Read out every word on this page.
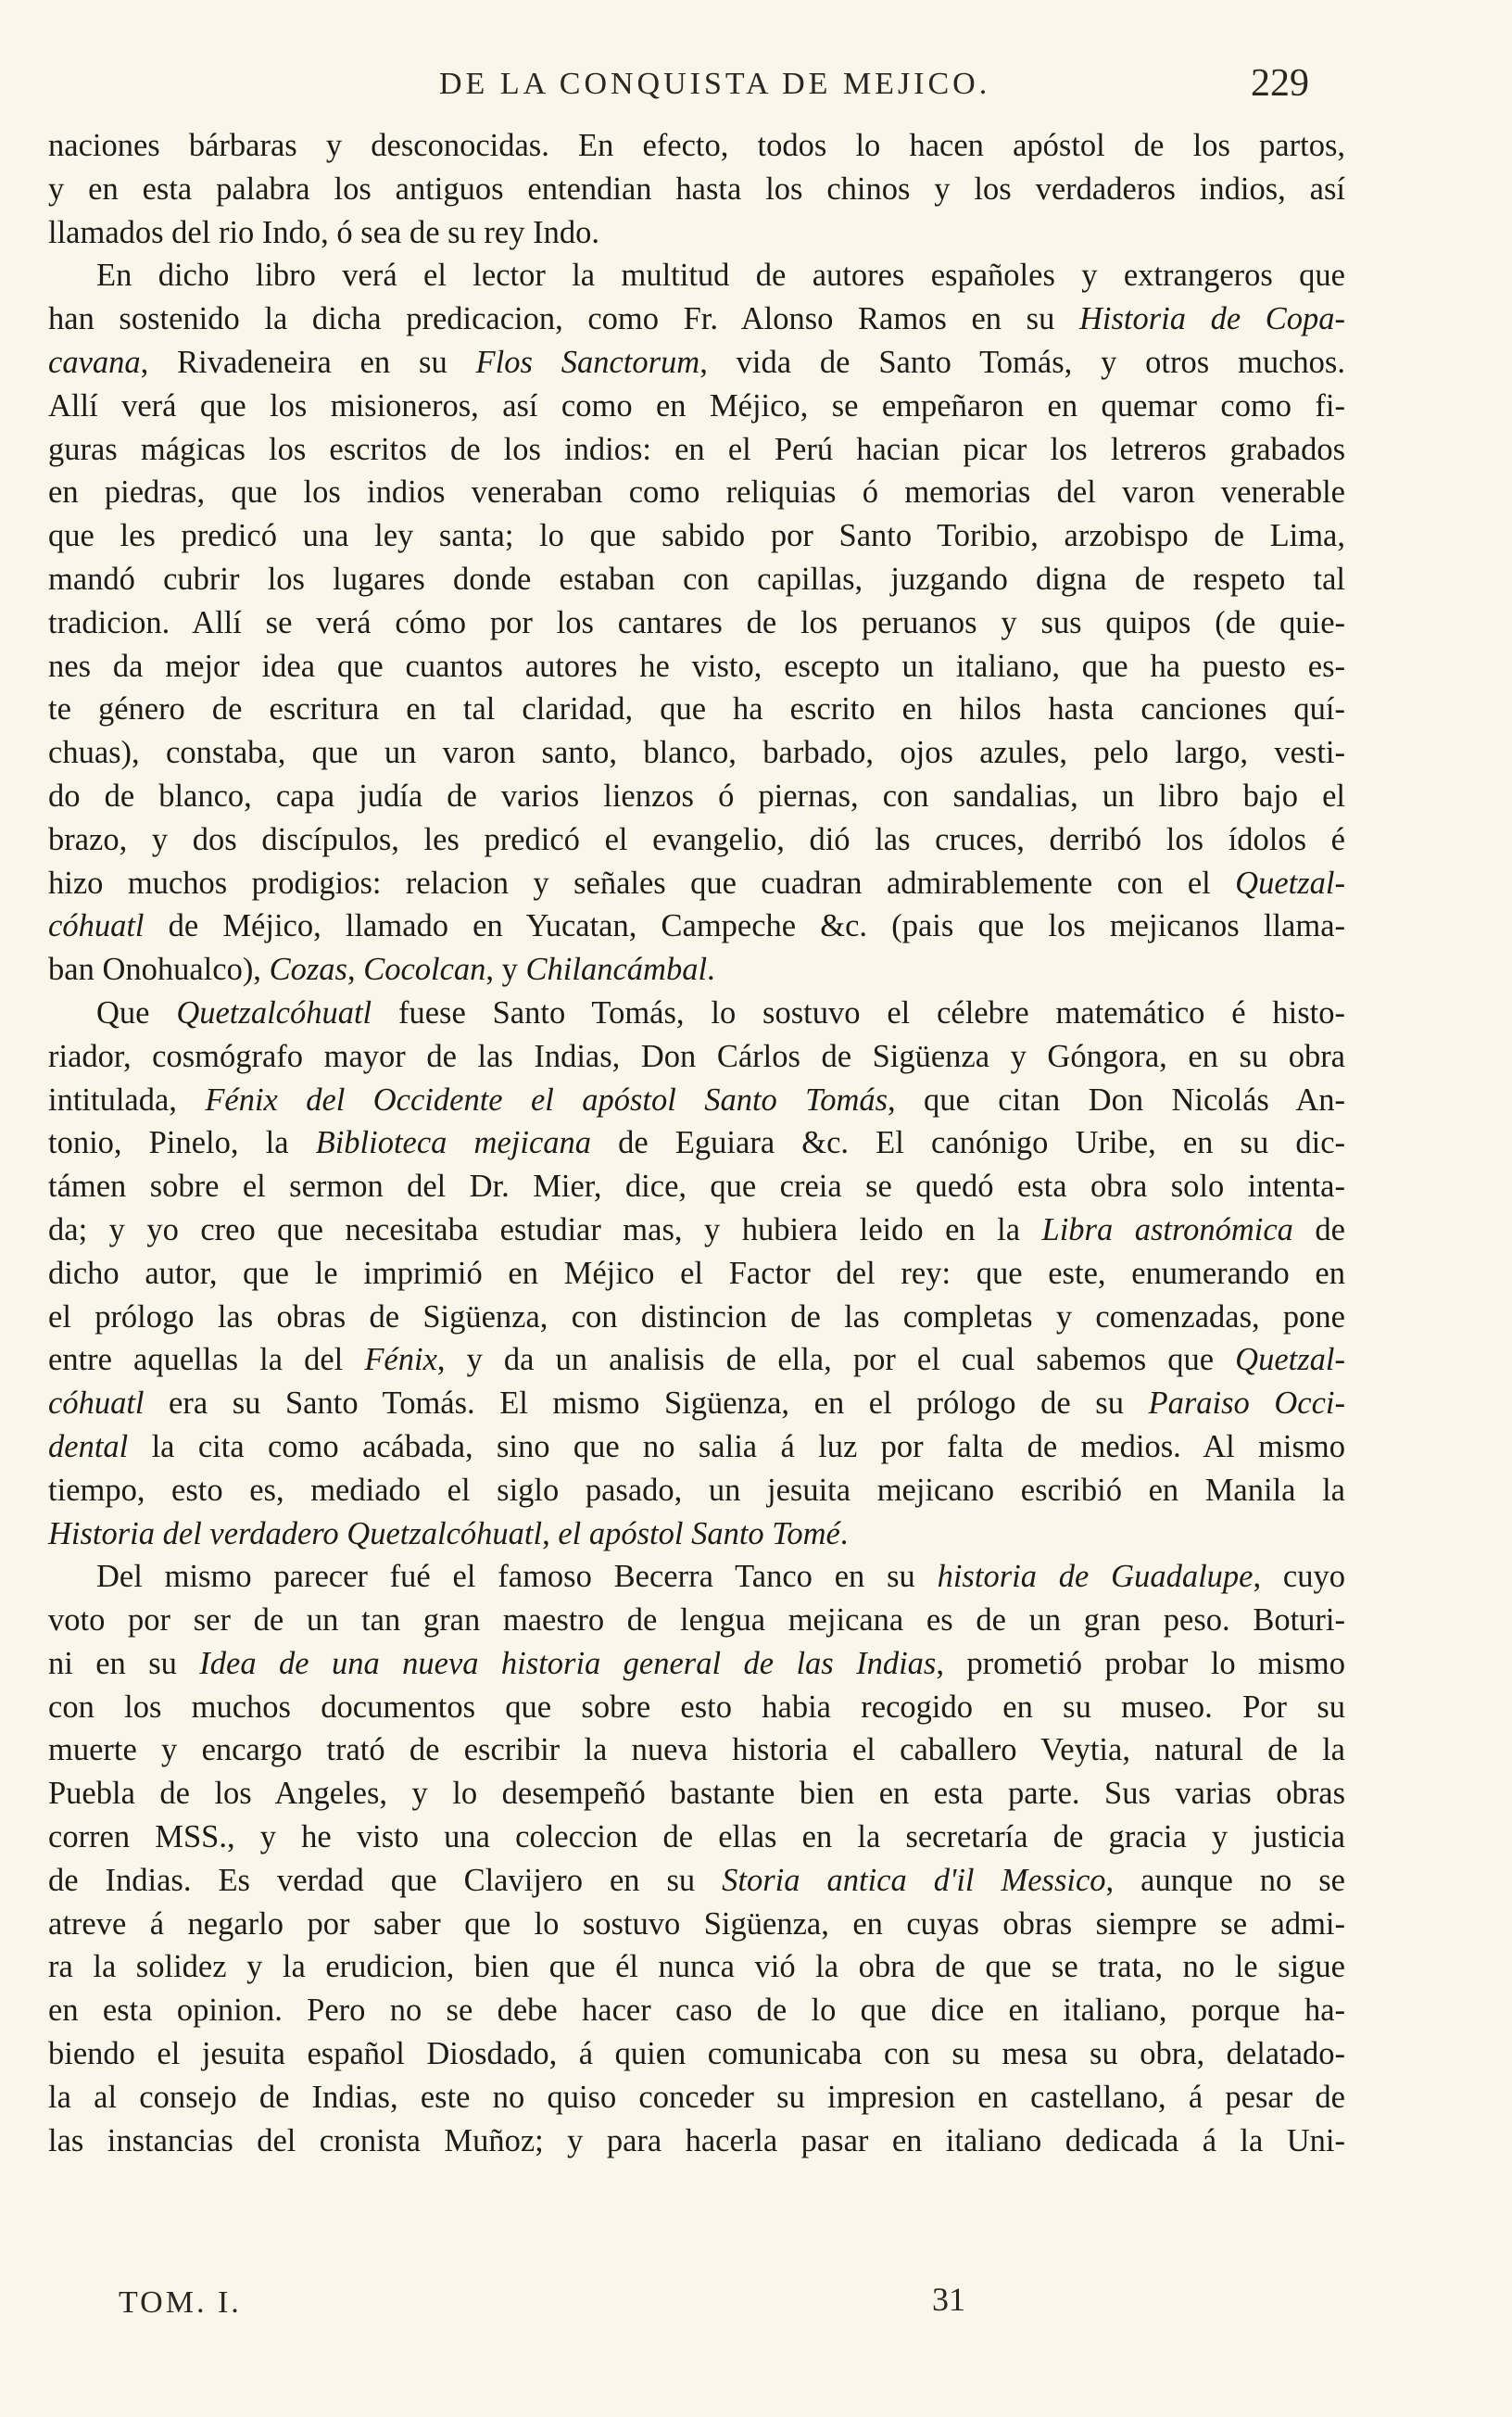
DE LA CONQUISTA DE MEJICO.	229
naciones bárbaras y desconocidas. En efecto, todos lo hacen apóstol de los partos,
y en esta palabra los antiguos entendian hasta los chinos y los verdaderos indios, así
llamados del rio Indo, ó sea de su rey Indo.
En dicho libro verá el lector la multitud de autores españoles y extrangeros que
han sostenido la dicha predicacion, como Fr. Alonso Ramos en su Historia de Copa-
cavana, Rivadeneira en su Flos Sanctorum, vida de Santo Tomás, y otros muchos.
Allí verá que los misioneros, así como en Méjico, se empeñaron en quemar como fi-
guras mágicas los escritos de los indios: en el Perú hacian picar los letreros grabados
en piedras, que los indios veneraban como reliquias ó memorias del varon venerable
que les predicó una ley santa; lo que sabido por Santo Toribio, arzobispo de Lima,
mandó cubrir los lugares donde estaban con capillas, juzgando digna de respeto tal
tradicion. Allí se verá cómo por los cantares de los peruanos y sus quipos (de quie-
nes da mejor idea que cuantos autores he visto, escepto un italiano, que ha puesto es-
te género de escritura en tal claridad, que ha escrito en hilos hasta canciones quí-
chuas), constaba, que un varon santo, blanco, barbado, ojos azules, pelo largo, vesti-
do de blanco, capa judía de varios lienzos ó piernas, con sandalias, un libro bajo el
brazo, y dos discípulos, les predicó el evangelio, dió las cruces, derribó los ídolos é
hizo muchos prodigios: relacion y señales que cuadran admirablemente con el Quetzal-
cóhuatl de Méjico, llamado en Yucatan, Campeche &c. (pais que los mejicanos llama-
ban Onohualco), Cozas, Cocolcan, y Chilancámbal.
Que Quetzalcóhuatl fuese Santo Tomás, lo sostuvo el célebre matemático é histo-
riador, cosmógrafo mayor de las Indias, Don Cárlos de Sigüenza y Góngora, en su obra
intitulada, Fénix del Occidente el apóstol Santo Tomás, que citan Don Nicolás An-
tonio, Pinelo, la Biblioteca mejicana de Eguiara &c. El canónigo Uribe, en su dic-
támen sobre el sermon del Dr. Mier, dice, que creia se quedó esta obra solo intenta-
da; y yo creo que necesitaba estudiar mas, y hubiera leido en la Libra astronómica de
dicho autor, que le imprimió en Méjico el Factor del rey: que este, enumerando en
el prólogo las obras de Sigüenza, con distincion de las completas y comenzadas, pone
entre aquellas la del Fénix, y da un analisis de ella, por el cual sabemos que Quetzal-
cóhuatl era su Santo Tomás. El mismo Sigüenza, en el prólogo de su Paraiso Occi-
dental la cita como acábada, sino que no salia á luz por falta de medios. Al mismo
tiempo, esto es, mediado el siglo pasado, un jesuita mejicano escribió en Manila la
Historia del verdadero Quetzalcóhuatl, el apóstol Santo Tomé.
Del mismo parecer fué el famoso Becerra Tanco en su historia de Guadalupe, cuyo
voto por ser de un tan gran maestro de lengua mejicana es de un gran peso. Boturi-
ni en su Idea de una nueva historia general de las Indias, prometió probar lo mismo
con los muchos documentos que sobre esto habia recogido en su museo. Por su
muerte y encargo trató de escribir la nueva historia el caballero Veytia, natural de la
Puebla de los Angeles, y lo desempeñó bastante bien en esta parte. Sus varias obras
corren MSS., y he visto una coleccion de ellas en la secretaría de gracia y justicia
de Indias. Es verdad que Clavijero en su Storia antica d'il Messico, aunque no se
atreve á negarlo por saber que lo sostuvo Sigüenza, en cuyas obras siempre se admi-
ra la solidez y la erudicion, bien que él nunca vió la obra de que se trata, no le sigue
en esta opinion. Pero no se debe hacer caso de lo que dice en italiano, porque ha-
biendo el jesuita español Diosdado, á quien comunicaba con su mesa su obra, delatado-
la al consejo de Indias, este no quiso conceder su impresion en castellano, á pesar de
las instancias del cronista Muñoz; y para hacerla pasar en italiano dedicada á la Uni-
TOM. I.	31
